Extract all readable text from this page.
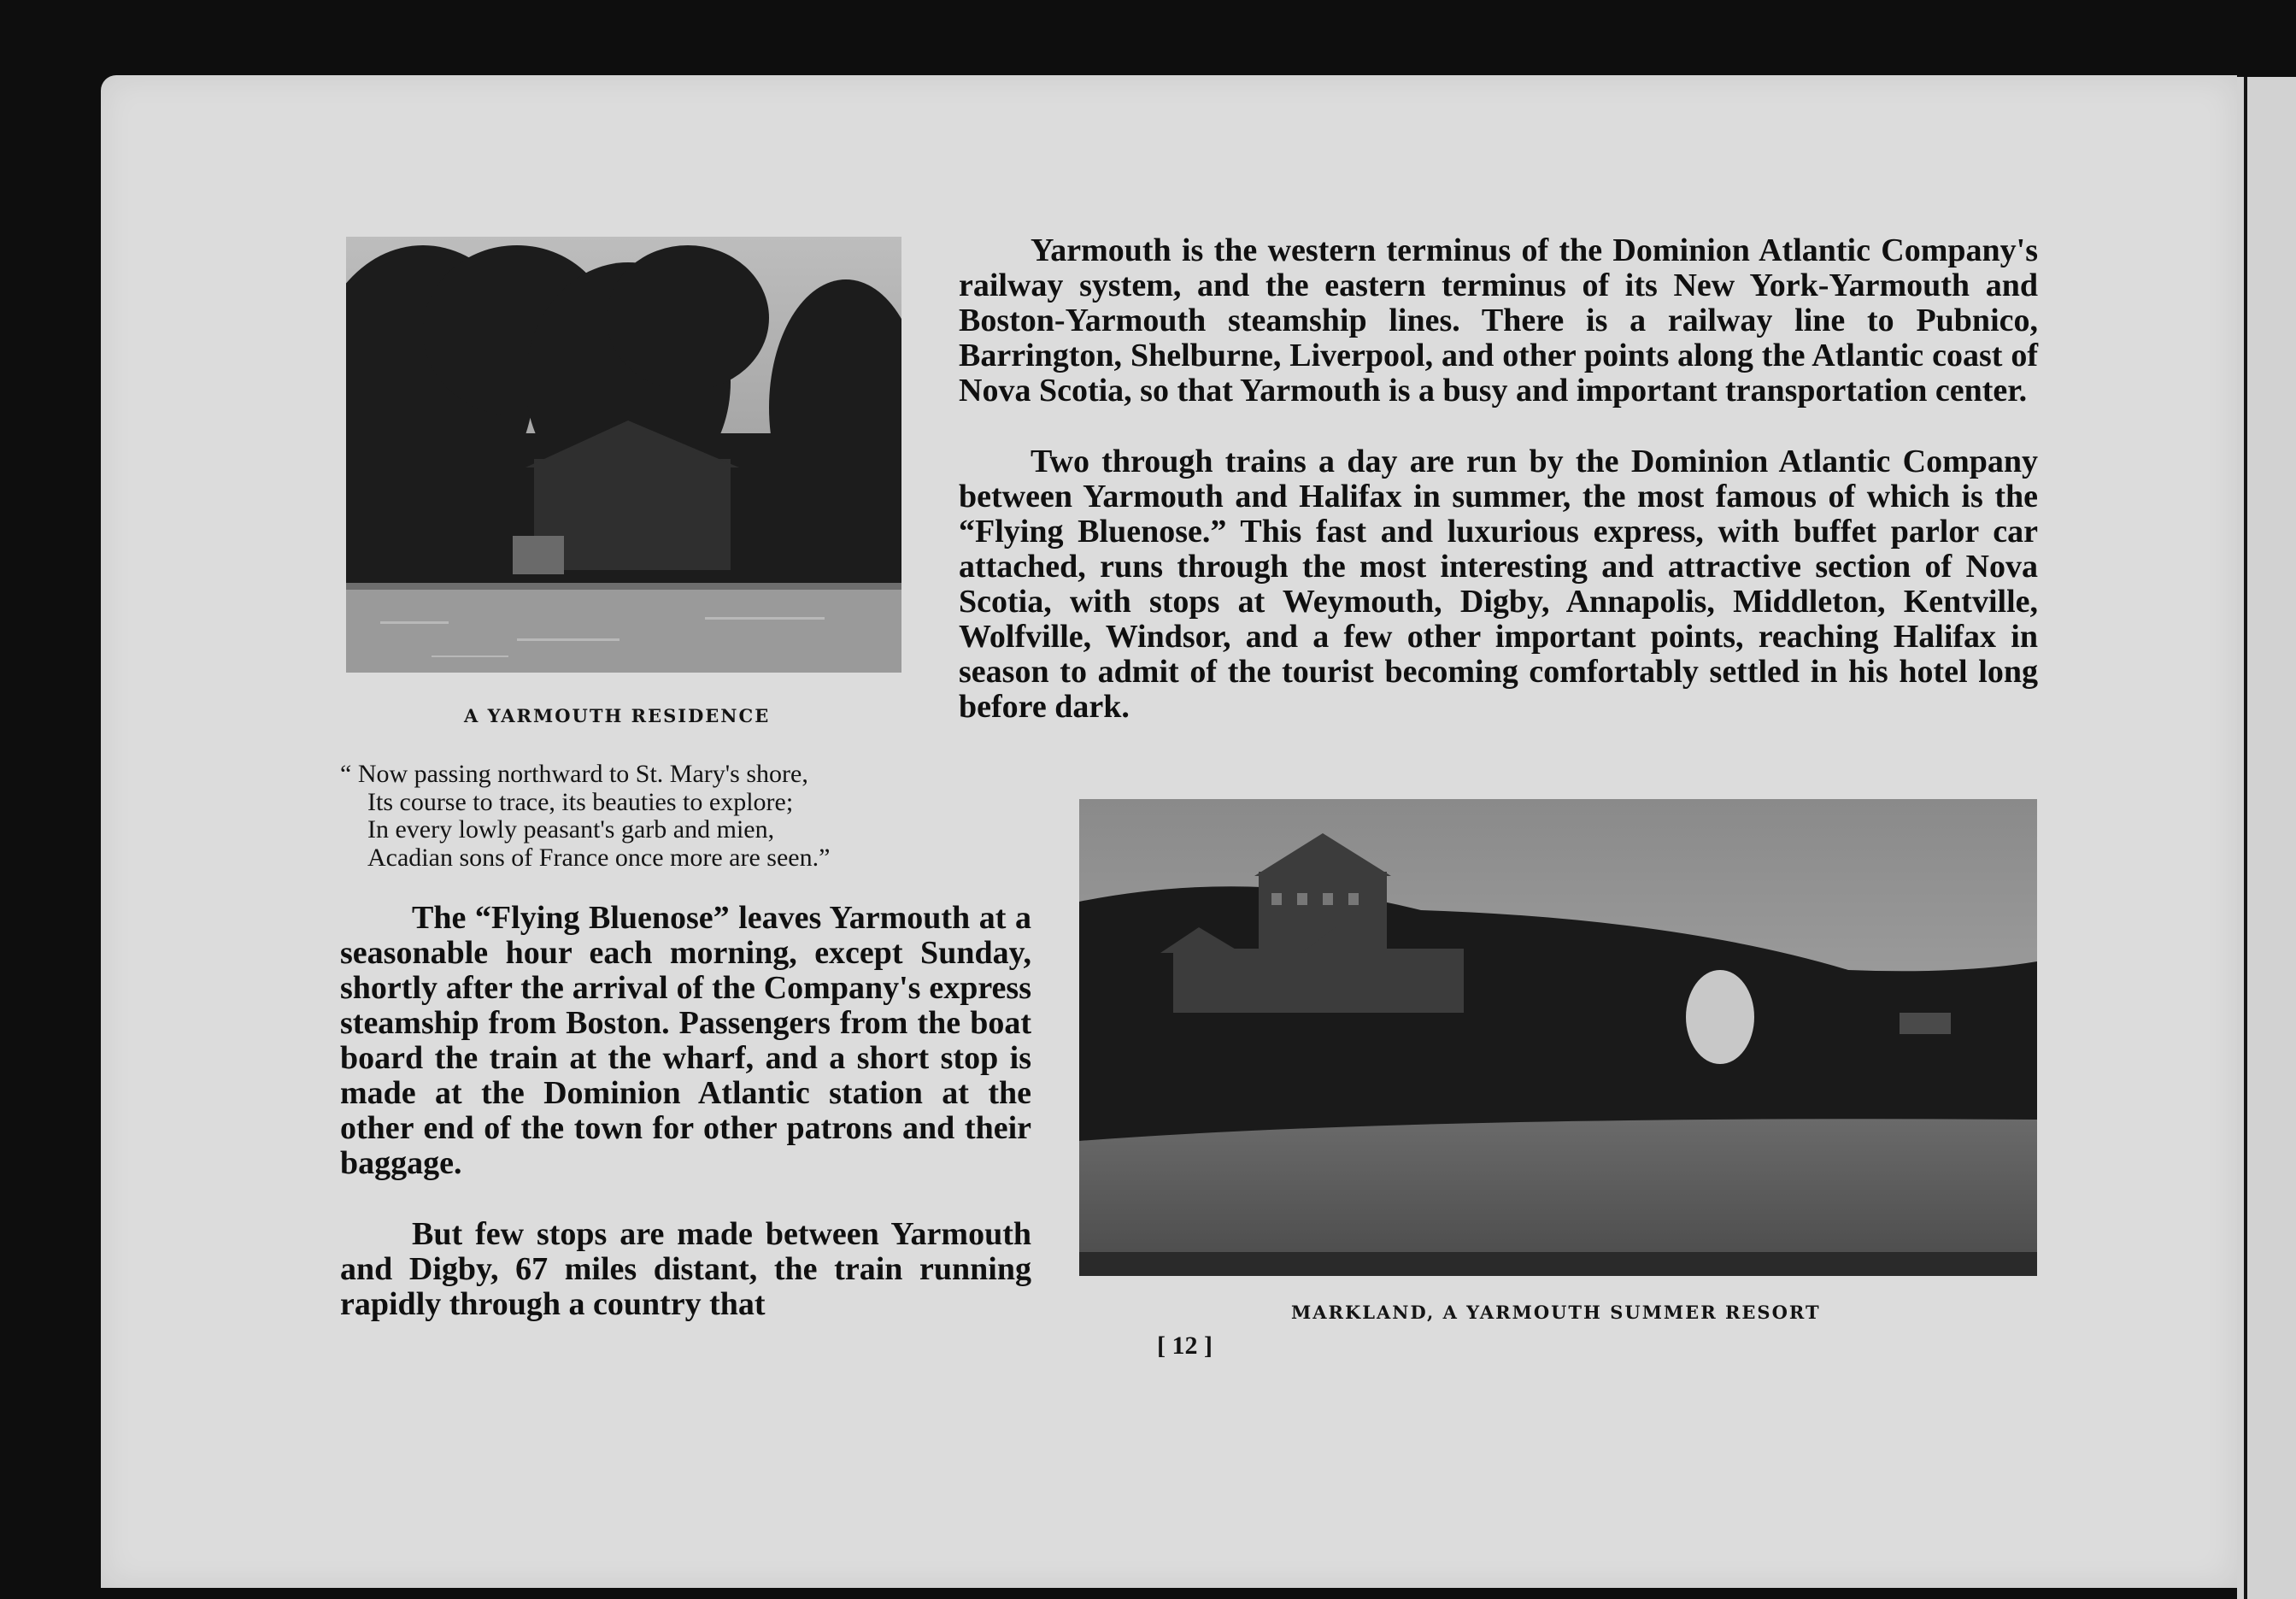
A YARMOUTH RESIDENCE

Yarmouth is the western terminus of the Dominion Atlantic Company's railway system, and the eastern terminus of its New York-Yarmouth and Boston-Yarmouth steamship lines. There is a railway line to Pubnico, Barrington, Shelburne, Liverpool, and other points along the Atlantic coast of Nova Scotia, so that Yarmouth is a busy and important transportation center.

Two through trains a day are run by the Dominion Atlantic Company between Yarmouth and Halifax in summer, the most famous of which is the “Flying Bluenose.” This fast and luxurious express, with buffet parlor car attached, runs through the most interesting and attractive section of Nova Scotia, with stops at Weymouth, Digby, Annapolis, Middleton, Kentville, Wolfville, Windsor, and a few other important points, reaching Halifax in season to admit of the tourist becoming comfortably settled in his hotel long before dark.

“ Now passing northward to St. Mary's shore,
Its course to trace, its beauties to explore;
In every lowly peasant's garb and mien,
Acadian sons of France once more are seen.”

The “Flying Bluenose” leaves Yarmouth at a seasonable hour each morning, except Sunday, shortly after the arrival of the Company's express steamship from Boston. Passengers from the boat board the train at the wharf, and a short stop is made at the Dominion Atlantic station at the other end of the town for other patrons and their baggage.

But few stops are made between Yarmouth and Digby, 67 miles distant, the train running rapidly through a country that	MARKLAND, A YARMOUTH SUMMER RESORT
[ 12 ]
